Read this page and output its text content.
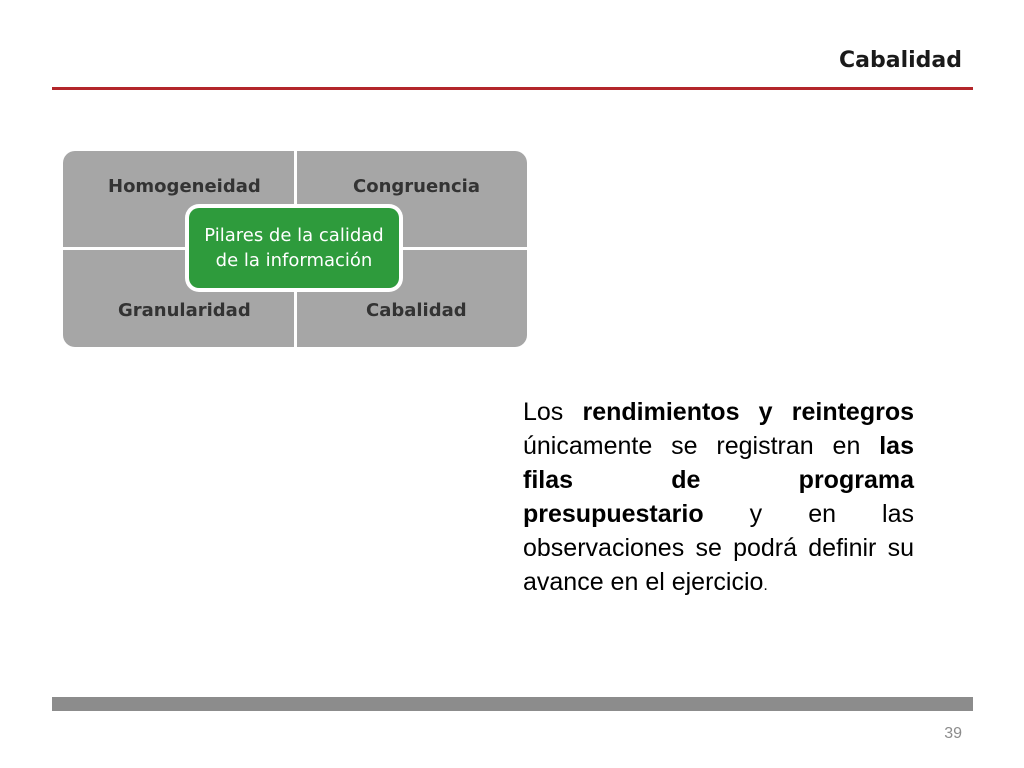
Cabalidad
Homogeneidad	Congruencia
Granularidad	Cabalidad
Pilares de la calidad
de la información
Los rendimientos y reintegros únicamente se registran en las filas de programa presupuestario y en las observaciones se podrá definir su avance en el ejercicio.
39
